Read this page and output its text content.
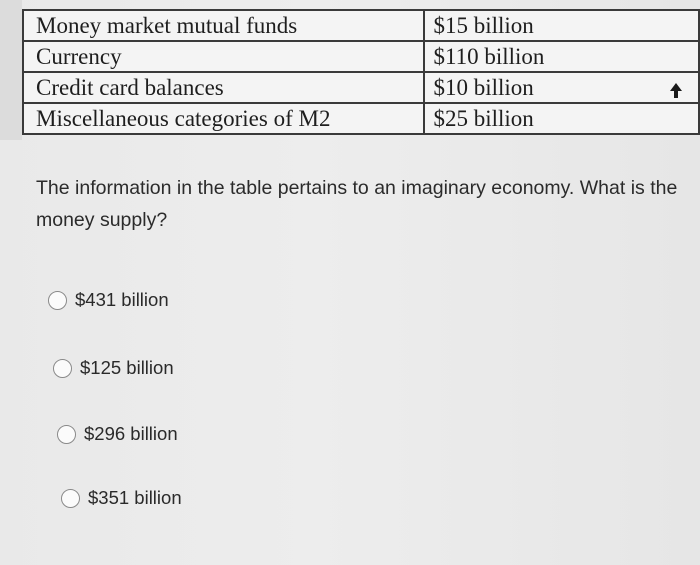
Money market mutual funds	$15 billion
Currency	$110 billion
Credit card balances	$10 billion
Miscellaneous categories of M2	$25 billion
The information in the table pertains to an imaginary economy. What is the
money supply?
$431 billion
$125 billion
$296 billion
$351 billion
